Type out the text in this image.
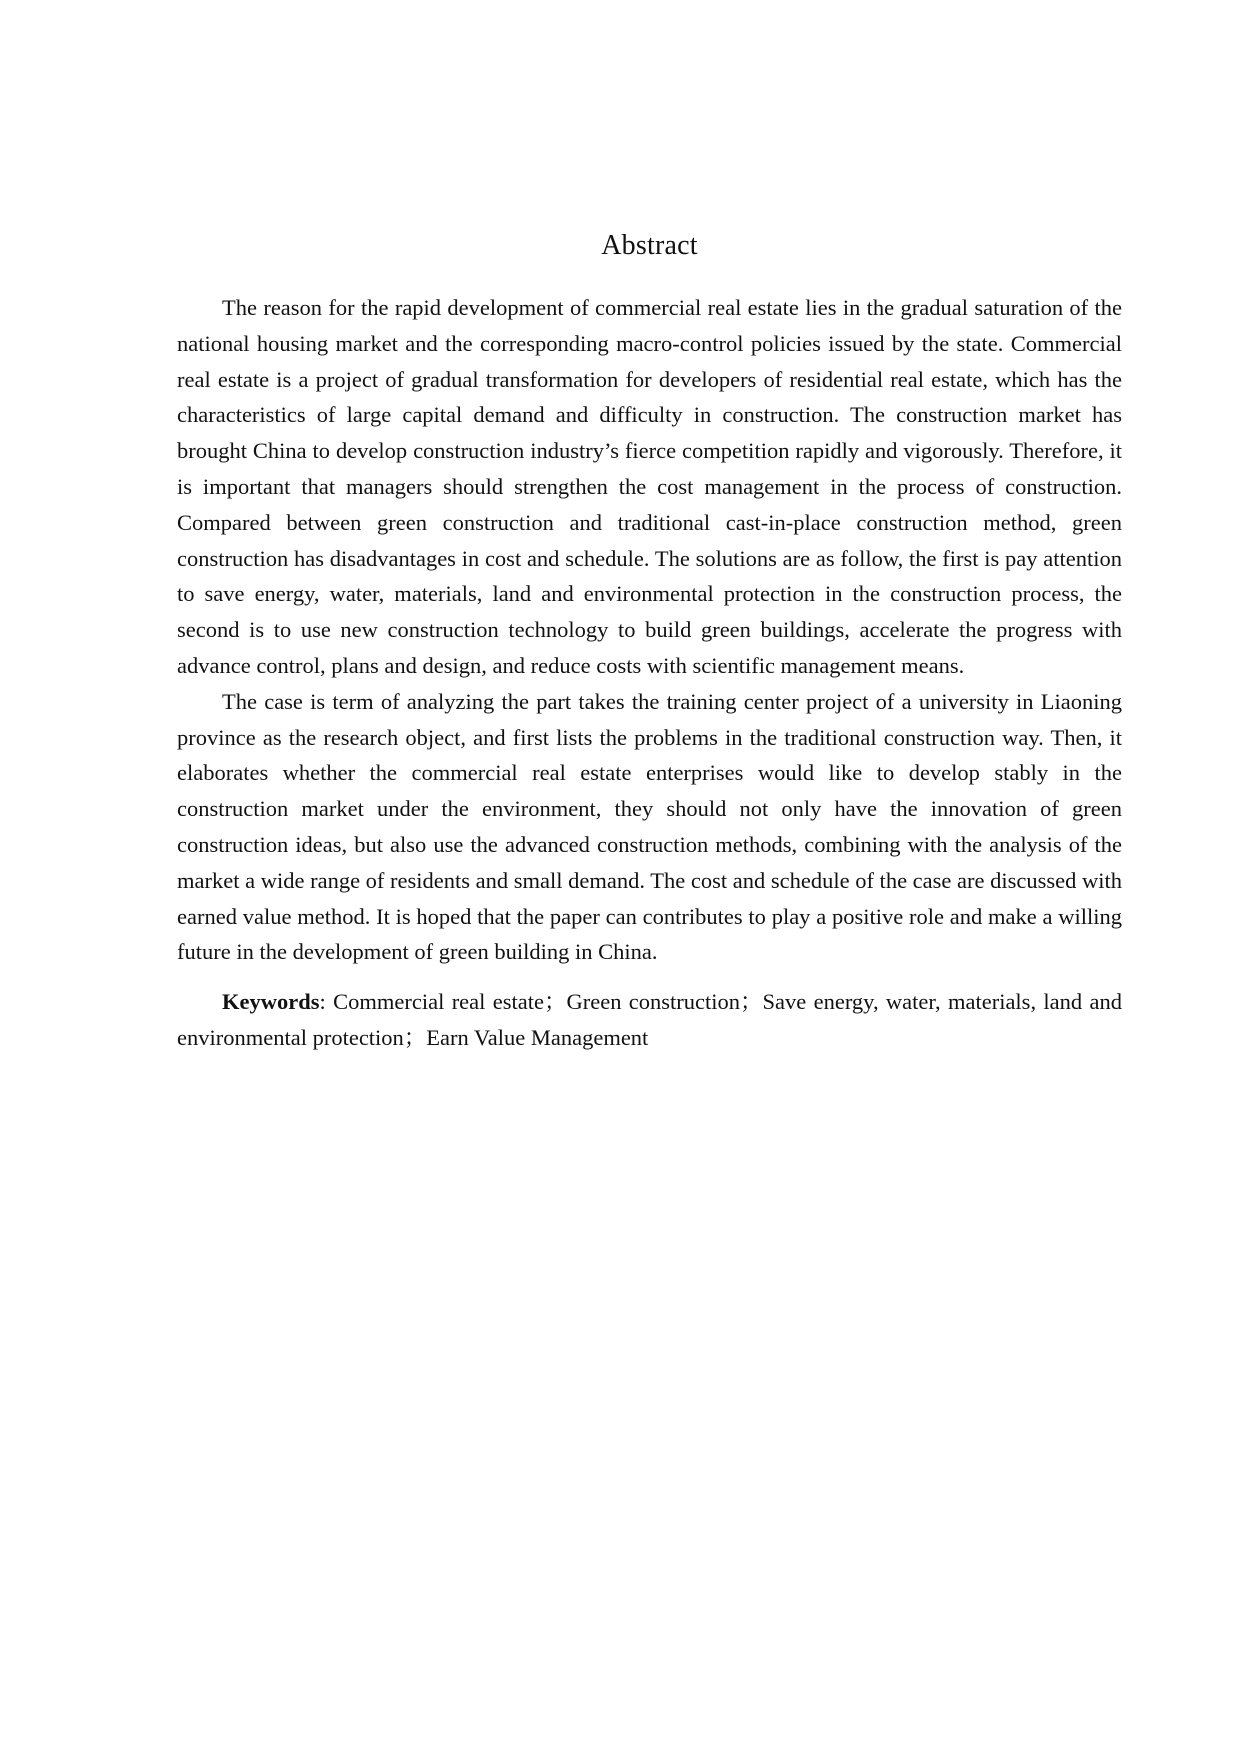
Abstract

The reason for the rapid development of commercial real estate lies in the gradual saturation of the national housing market and the corresponding macro-control policies issued by the state. Commercial real estate is a project of gradual transformation for developers of residential real estate, which has the characteristics of large capital demand and difficulty in construction. The construction market has brought China to develop construction industry’s fierce competition rapidly and vigorously. Therefore, it is important that managers should strengthen the cost management in the process of construction. Compared between green construction and traditional cast-in-place construction method, green construction has disadvantages in cost and schedule. The solutions are as follow, the first is pay attention to save energy, water, materials, land and environmental protection in the construction process, the second is to use new construction technology to build green buildings, accelerate the progress with advance control, plans and design, and reduce costs with scientific management means.

The case is term of analyzing the part takes the training center project of a university in Liaoning province as the research object, and first lists the problems in the traditional construction way. Then, it elaborates whether the commercial real estate enterprises would like to develop stably in the construction market under the environment, they should not only have the innovation of green construction ideas, but also use the advanced construction methods, combining with the analysis of the market a wide range of residents and small demand. The cost and schedule of the case are discussed with earned value method. It is hoped that the paper can contributes to play a positive role and make a willing future in the development of green building in China.

Keywords: Commercial real estate；Green construction；Save energy, water, materials, land and environmental protection；Earn Value Management
